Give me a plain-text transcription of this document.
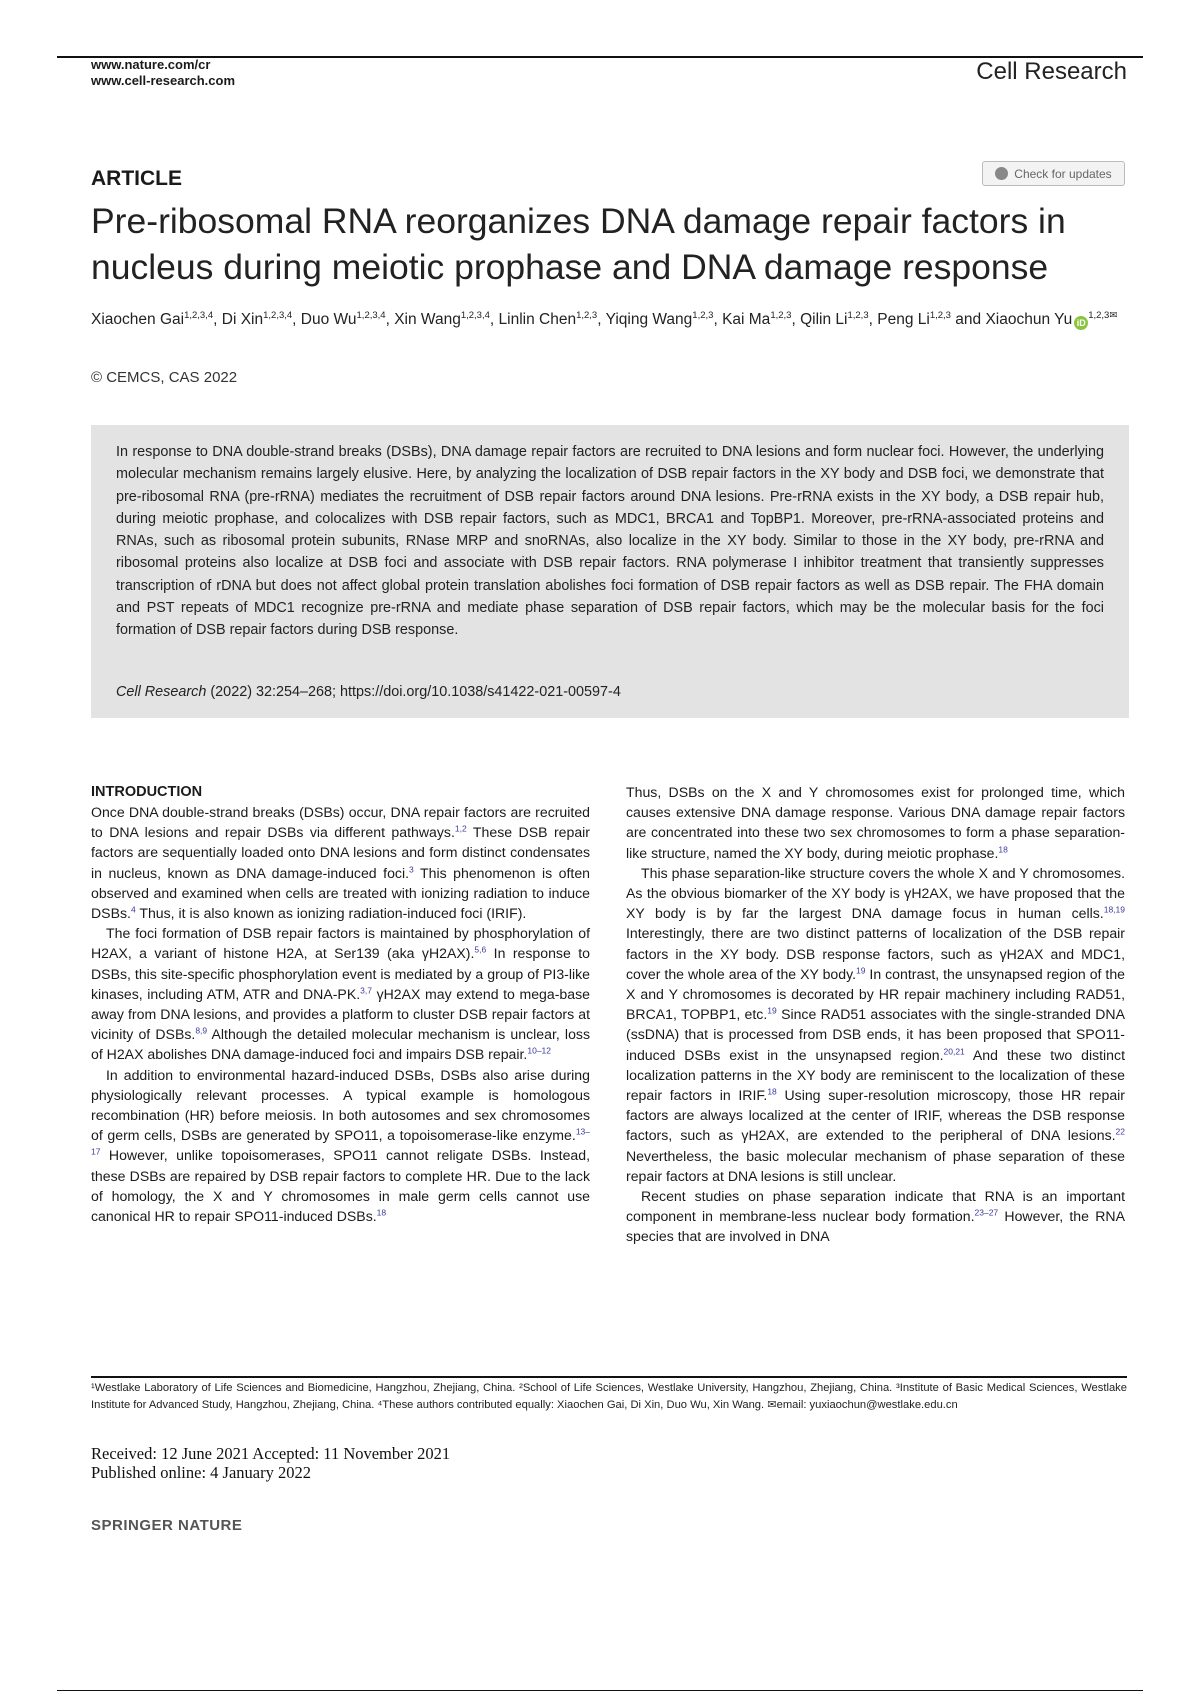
www.nature.com/cr
www.cell-research.com	Cell Research
ARTICLE	Check for updates
Pre-ribosomal RNA reorganizes DNA damage repair factors in nucleus during meiotic prophase and DNA damage response
Xiaochen Gai$^{1,2,3,4}$, Di Xin$^{1,2,3,4}$, Duo Wu$^{1,2,3,4}$, Xin Wang$^{1,2,3,4}$, Linlin Chen$^{1,2,3}$, Yiqing Wang$^{1,2,3}$, Kai Ma$^{1,2,3}$, Qilin Li$^{1,2,3}$, Peng Li$^{1,2,3}$ and Xiaochun Yu $iD^{1,2,3✉}$
© CEMCS, CAS 2022

In response to DNA double-strand breaks (DSBs), DNA damage repair factors are recruited to DNA lesions and form nuclear foci. However, the underlying molecular mechanism remains largely elusive. Here, by analyzing the localization of DSB repair factors in the XY body and DSB foci, we demonstrate that pre-ribosomal RNA (pre-rRNA) mediates the recruitment of DSB repair factors around DNA lesions. Pre-rRNA exists in the XY body, a DSB repair hub, during meiotic prophase, and colocalizes with DSB repair factors, such as MDC1, BRCA1 and TopBP1. Moreover, pre-rRNA-associated proteins and RNAs, such as ribosomal protein subunits, RNase MRP and snoRNAs, also localize in the XY body. Similar to those in the XY body, pre-rRNA and ribosomal proteins also localize at DSB foci and associate with DSB repair factors. RNA polymerase I inhibitor treatment that transiently suppresses transcription of rDNA but does not affect global protein translation abolishes foci formation of DSB repair factors as well as DSB repair. The FHA domain and PST repeats of MDC1 recognize pre-rRNA and mediate phase separation of DSB repair factors, which may be the molecular basis for the foci formation of DSB repair factors during DSB response.

Cell Research (2022) 32:254–268; https://doi.org/10.1038/s41422-021-00597-4
INTRODUCTION

Once DNA double-strand breaks (DSBs) occur, DNA repair factors are recruited to DNA lesions and repair DSBs via different pathways.$^{1,2}$ These DSB repair factors are sequentially loaded onto DNA lesions and form distinct condensates in nucleus, known as DNA damage-induced foci.$^3$ This phenomenon is often observed and examined when cells are treated with ionizing radiation to induce DSBs.$^4$ Thus, it is also known as ionizing radiation-induced foci (IRIF).

The foci formation of DSB repair factors is maintained by phosphorylation of H2AX, a variant of histone H2A, at Ser139 (aka γH2AX).$^{5,6}$ In response to DSBs, this site-specific phosphorylation event is mediated by a group of PI3-like kinases, including ATM, ATR and DNA-PK.$^{3,7}$ γH2AX may extend to mega-base away from DNA lesions, and provides a platform to cluster DSB repair factors at vicinity of DSBs.$^{8,9}$ Although the detailed molecular mechanism is unclear, loss of H2AX abolishes DNA damage-induced foci and impairs DSB repair.$^{10-12}$

In addition to environmental hazard-induced DSBs, DSBs also arise during physiologically relevant processes. A typical example is homologous recombination (HR) before meiosis. In both autosomes and sex chromosomes of germ cells, DSBs are generated by SPO11, a topoisomerase-like enzyme.$^{13-17}$ However, unlike topoisomerases, SPO11 cannot religate DSBs. Instead, these DSBs are repaired by DSB repair factors to complete HR. Due to the lack of homology, the X and Y chromosomes in male germ cells cannot use canonical HR to repair SPO11-induced DSBs.$^{18}$

Thus, DSBs on the X and Y chromosomes exist for prolonged time, which causes extensive DNA damage response. Various DNA damage repair factors are concentrated into these two sex chromosomes to form a phase separation-like structure, named the XY body, during meiotic prophase.$^{18}$

This phase separation-like structure covers the whole X and Y chromosomes. As the obvious biomarker of the XY body is γH2AX, we have proposed that the XY body is by far the largest DNA damage focus in human cells.$^{18,19}$ Interestingly, there are two distinct patterns of localization of the DSB repair factors in the XY body. DSB response factors, such as γH2AX and MDC1, cover the whole area of the XY body.$^{19}$ In contrast, the unsynapsed region of the X and Y chromosomes is decorated by HR repair machinery including RAD51, BRCA1, TOPBP1, etc.$^{19}$ Since RAD51 associates with the single-stranded DNA (ssDNA) that is processed from DSB ends, it has been proposed that SPO11-induced DSBs exist in the unsynapsed region.$^{20,21}$ And these two distinct localization patterns in the XY body are reminiscent to the localization of these repair factors in IRIF.$^{18}$ Using super-resolution microscopy, those HR repair factors are always localized at the center of IRIF, whereas the DSB response factors, such as γH2AX, are extended to the peripheral of DNA lesions.$^{22}$ Nevertheless, the basic molecular mechanism of phase separation of these repair factors at DNA lesions is still unclear.

Recent studies on phase separation indicate that RNA is an important component in membrane-less nuclear body formation.$^{23-27}$ However, the RNA species that are involved in DNA

¹Westlake Laboratory of Life Sciences and Biomedicine, Hangzhou, Zhejiang, China. ²School of Life Sciences, Westlake University, Hangzhou, Zhejiang, China. ³Institute of Basic Medical Sciences, Westlake Institute for Advanced Study, Hangzhou, Zhejiang, China. ⁴These authors contributed equally: Xiaochen Gai, Di Xin, Duo Wu, Xin Wang. ✉email: yuxiaochun@westlake.edu.cn
Received: 12 June 2021 Accepted: 11 November 2021
Published online: 4 January 2022
SPRINGER NATURE
